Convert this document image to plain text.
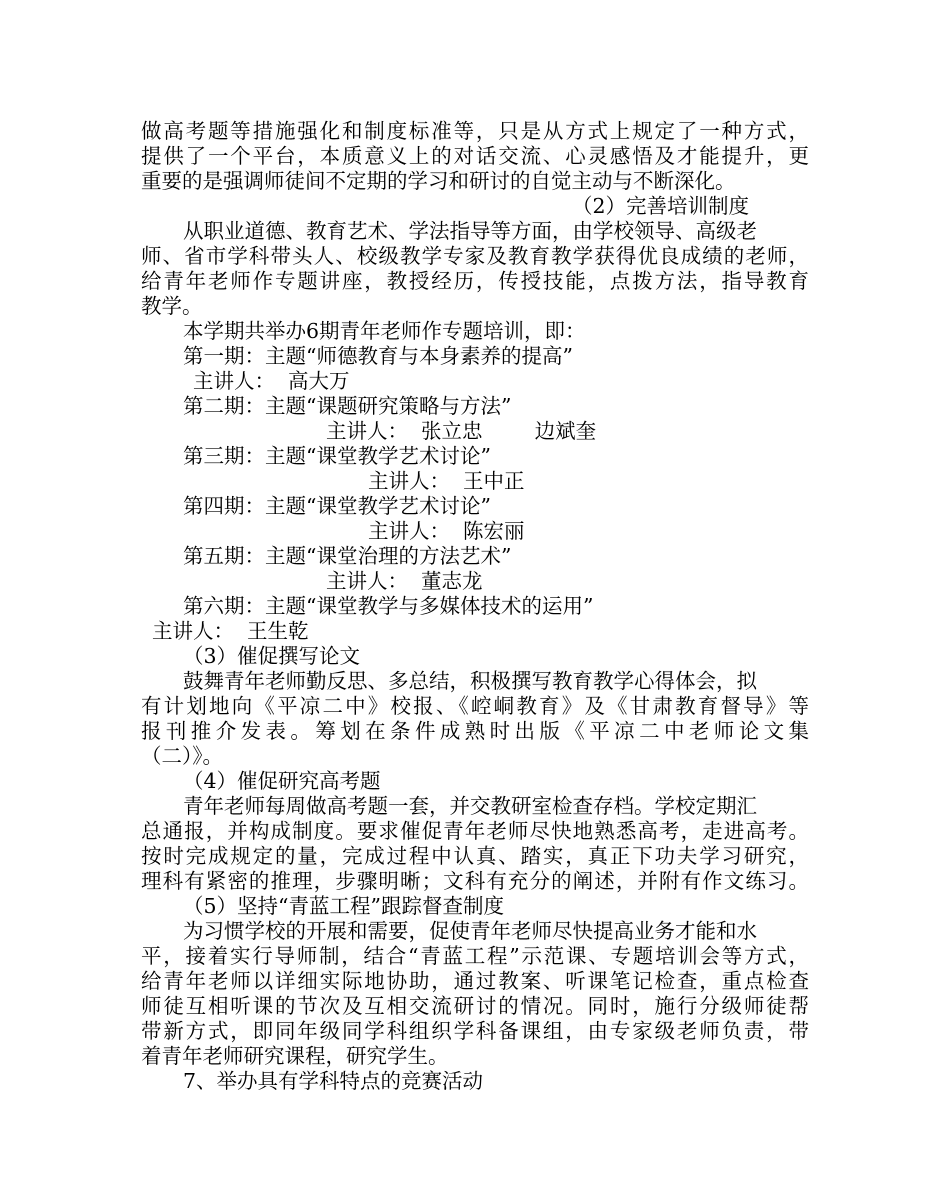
做高考题等措施强化和制度标准等，只是从方式上规定了一种方式，
提供了一个平台，本质意义上的对话交流、心灵感悟及才能提升，更
重要的是强调师徒间不定期的学习和研讨的自觉主动与不断深化。
（2）完善培训制度
从职业道德、教育艺术、学法指导等方面，由学校领导、高级老
师、省市学科带头人、校级教学专家及教育教学获得优良成绩的老师，
给青年老师作专题讲座，教授经历，传授技能，点拨方法，指导教育
教学。
本学期共举办6期青年老师作专题培训，即：
第一期：主题“师德教育与本身素养的提高”
主讲人：  高大万
第二期：主题“课题研究策略与方法”
主讲人：  张立忠        边斌奎
第三期：主题“课堂教学艺术讨论”
主讲人：  王中正
第四期：主题“课堂教学艺术讨论”
主讲人：  陈宏丽
第五期：主题“课堂治理的方法艺术”
主讲人：  董志龙
第六期：主题“课堂教学与多媒体技术的运用”
主讲人：  王生乾
（3）催促撰写论文
鼓舞青年老师勤反思、多总结，积极撰写教育教学心得体会，拟
有计划地向《平凉二中》校报、《崆峒教育》及《甘肃教育督导》等
报刊推介发表。筹划在条件成熟时出版《平凉二中老师论文集
（二）》。
（4）催促研究高考题
青年老师每周做高考题一套，并交教研室检查存档。学校定期汇
总通报，并构成制度。要求催促青年老师尽快地熟悉高考，走进高考。
按时完成规定的量，完成过程中认真、踏实，真正下功夫学习研究，
理科有紧密的推理，步骤明晰；文科有充分的阐述，并附有作文练习。
（5）坚持“青蓝工程”跟踪督查制度
为习惯学校的开展和需要，促使青年老师尽快提高业务才能和水
平，接着实行导师制，结合“青蓝工程”示范课、专题培训会等方式，
给青年老师以详细实际地协助，通过教案、听课笔记检查，重点检查
师徒互相听课的节次及互相交流研讨的情况。同时，施行分级师徒帮
带新方式，即同年级同学科组织学科备课组，由专家级老师负责，带
着青年老师研究课程，研究学生。
7、举办具有学科特点的竞赛活动
